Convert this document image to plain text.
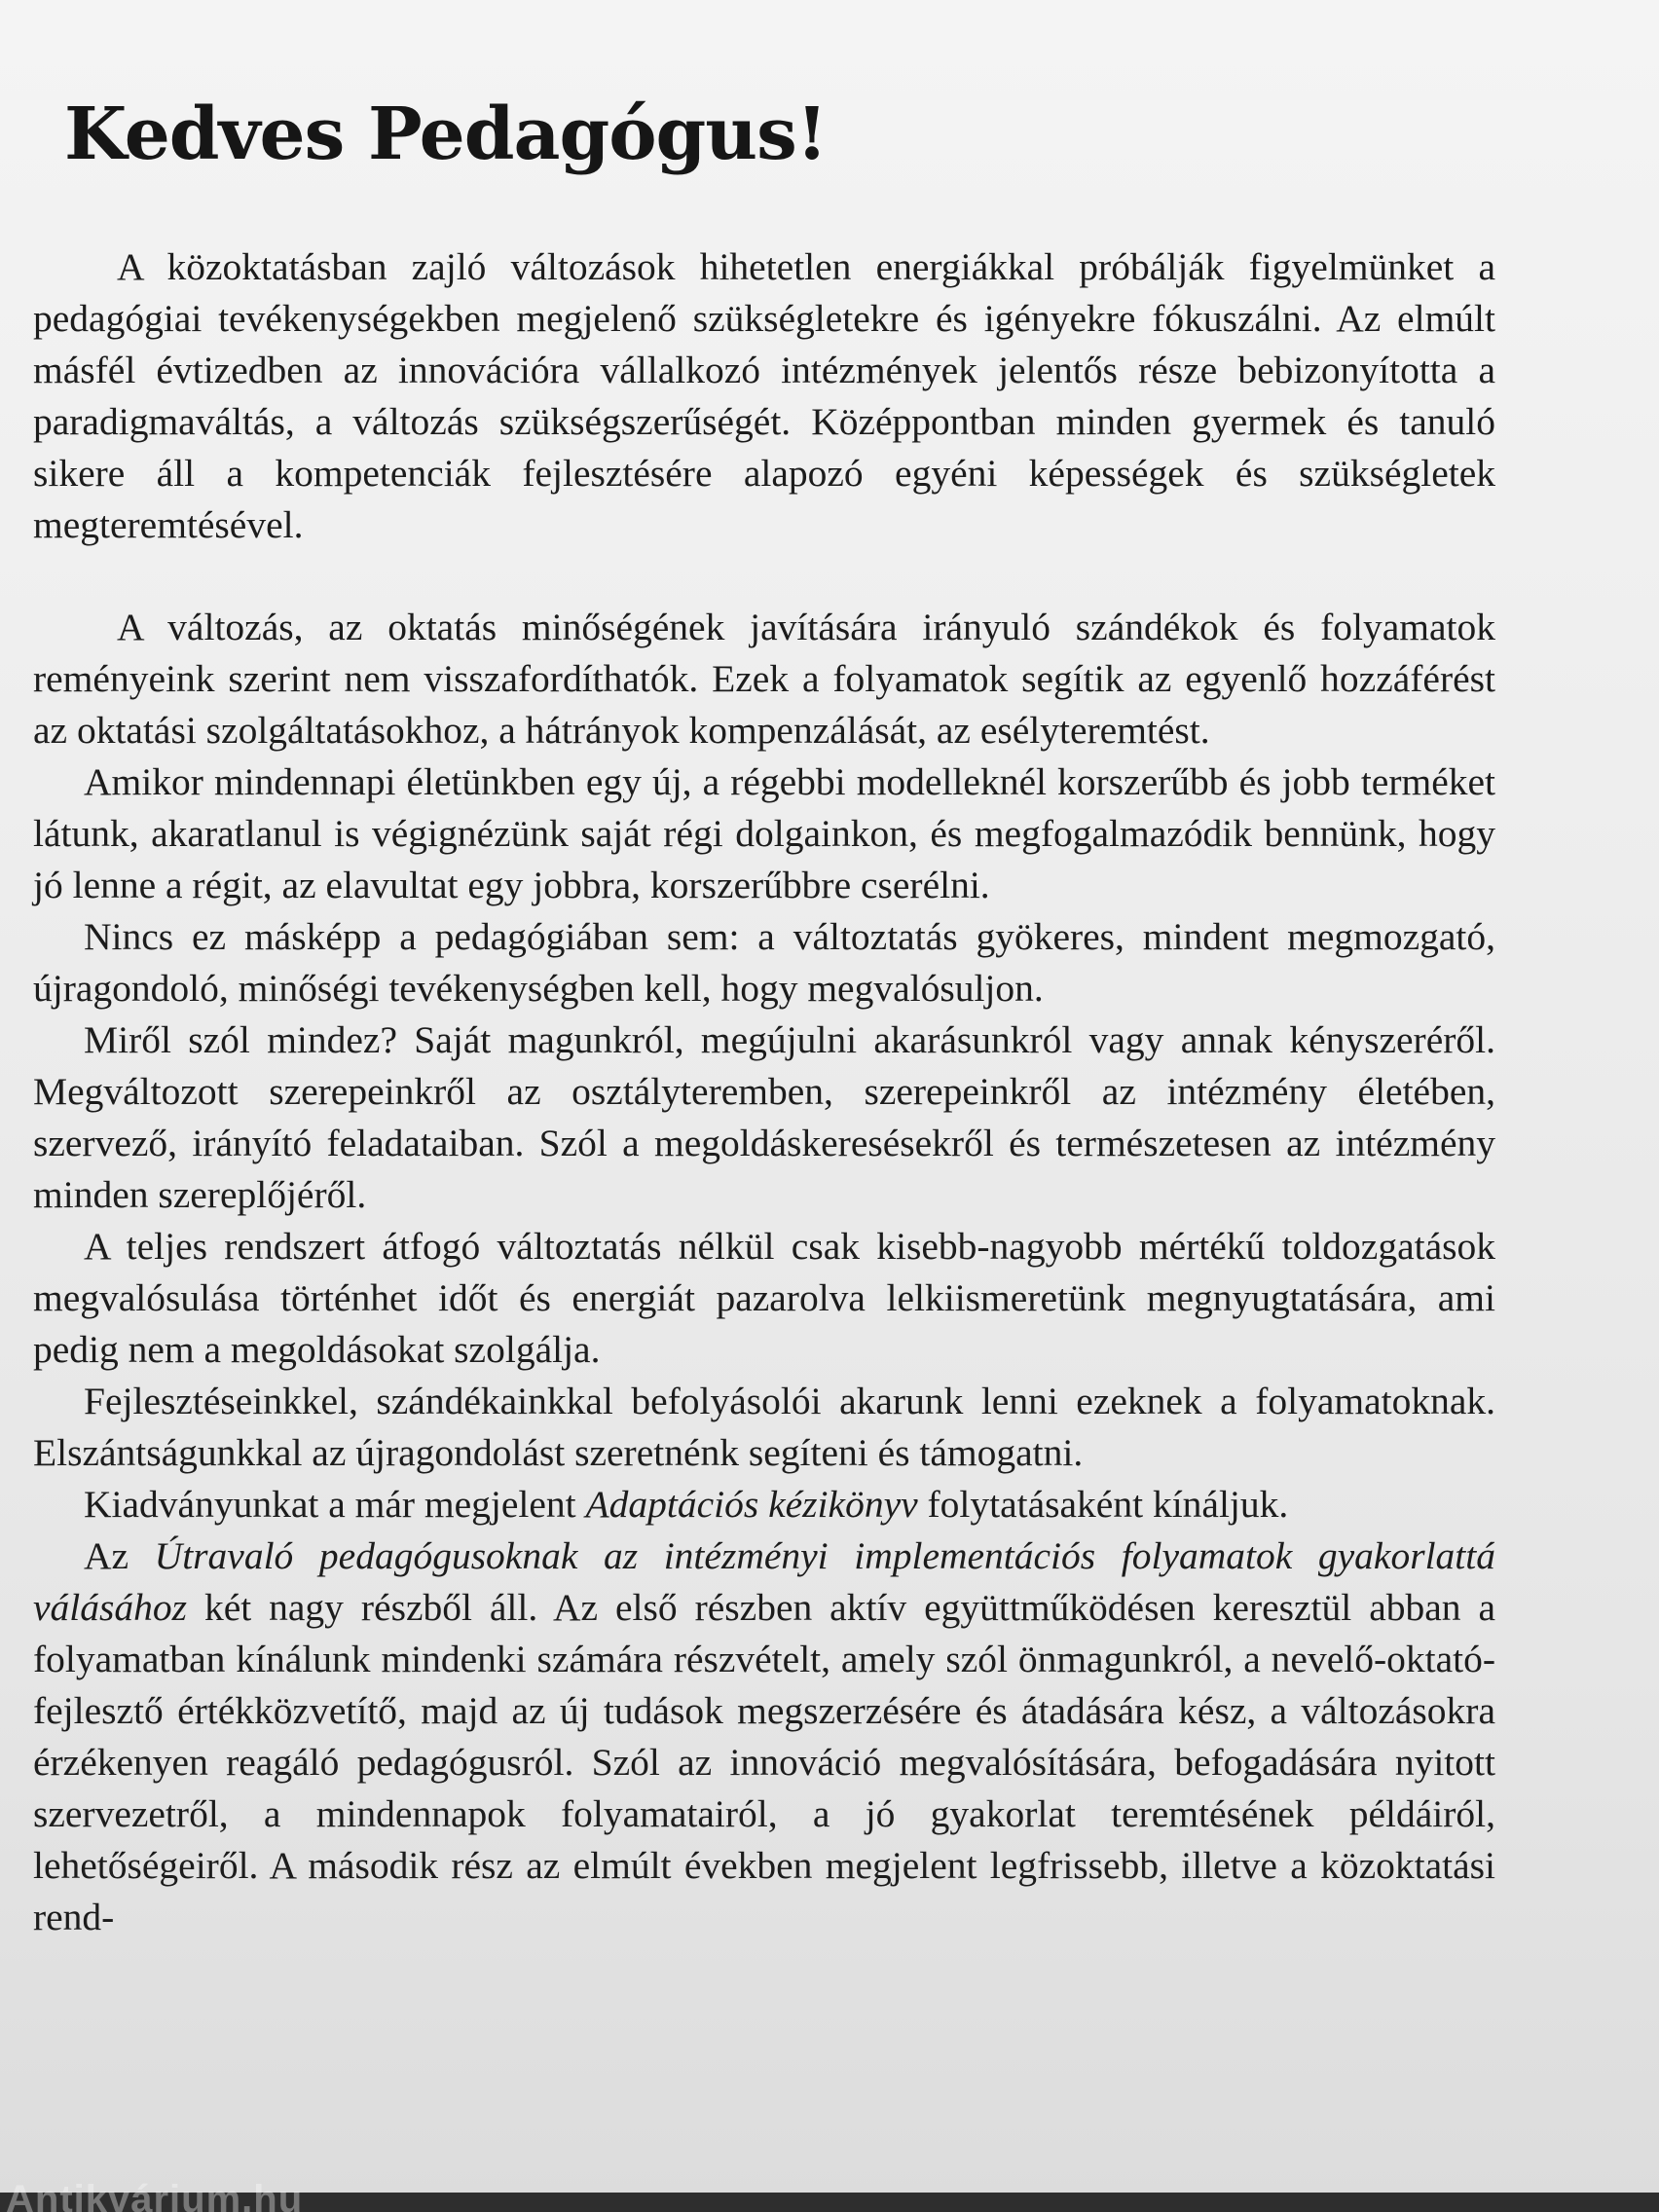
Kedves Pedagógus!

A közoktatásban zajló változások hihetetlen energiákkal próbálják figyelmünket a pedagógiai tevékenységekben megjelenő szükségletekre és igényekre fókuszálni. Az elmúlt másfél évtizedben az innovációra vállalkozó intézmények jelentős része bebizonyította a paradigmaváltás, a változás szükségszerűségét. Középpontban minden gyermek és tanuló sikere áll a kompetenciák fejlesztésére alapozó egyéni képességek és szükségletek megteremtésével.

A változás, az oktatás minőségének javítására irányuló szándékok és folyamatok reményeink szerint nem visszafordíthatók. Ezek a folyamatok segítik az egyenlő hozzáférést az oktatási szolgáltatásokhoz, a hátrányok kompenzálását, az esélyteremtést.

Amikor mindennapi életünkben egy új, a régebbi modelleknél korszerűbb és jobb terméket látunk, akaratlanul is végignézünk saját régi dolgainkon, és megfogalmazódik bennünk, hogy jó lenne a régit, az elavultat egy jobbra, korszerűbbre cserélni.

Nincs ez másképp a pedagógiában sem: a változtatás gyökeres, mindent megmozgató, újragondoló, minőségi tevékenységben kell, hogy megvalósuljon.

Miről szól mindez? Saját magunkról, megújulni akarásunkról vagy annak kényszeréről. Megváltozott szerepeinkről az osztályteremben, szerepeinkről az intézmény életében, szervező, irányító feladataiban. Szól a megoldáskeresésekről és természetesen az intézmény minden szereplőjéről.

A teljes rendszert átfogó változtatás nélkül csak kisebb-nagyobb mértékű toldozgatások megvalósulása történhet időt és energiát pazarolva lelkiismeretünk megnyugtatására, ami pedig nem a megoldásokat szolgálja.

Fejlesztéseinkkel, szándékainkkal befolyásolói akarunk lenni ezeknek a folyamatoknak. Elszántságunkkal az újragondolást szeretnénk segíteni és támogatni.

Kiadványunkat a már megjelent Adaptációs kézikönyv folytatásaként kínáljuk.

Az Útravaló pedagógusoknak az intézményi implementációs folyamatok gyakorlattá válásához két nagy részből áll. Az első részben aktív együttműködésen keresztül abban a folyamatban kínálunk mindenki számára részvételt, amely szól önmagunkról, a nevelő-oktató-fejlesztő értékközvetítő, majd az új tudások megszerzésére és átadására kész, a változásokra érzékenyen reagáló pedagógusról. Szól az innováció megvalósítására, befogadására nyitott szervezetről, a mindennapok folyamatairól, a jó gyakorlat teremtésének példáiról, lehetőségeiről. A második rész az elmúlt években megjelent legfrissebb, illetve a közoktatási rend-

Antikvárium.hu
